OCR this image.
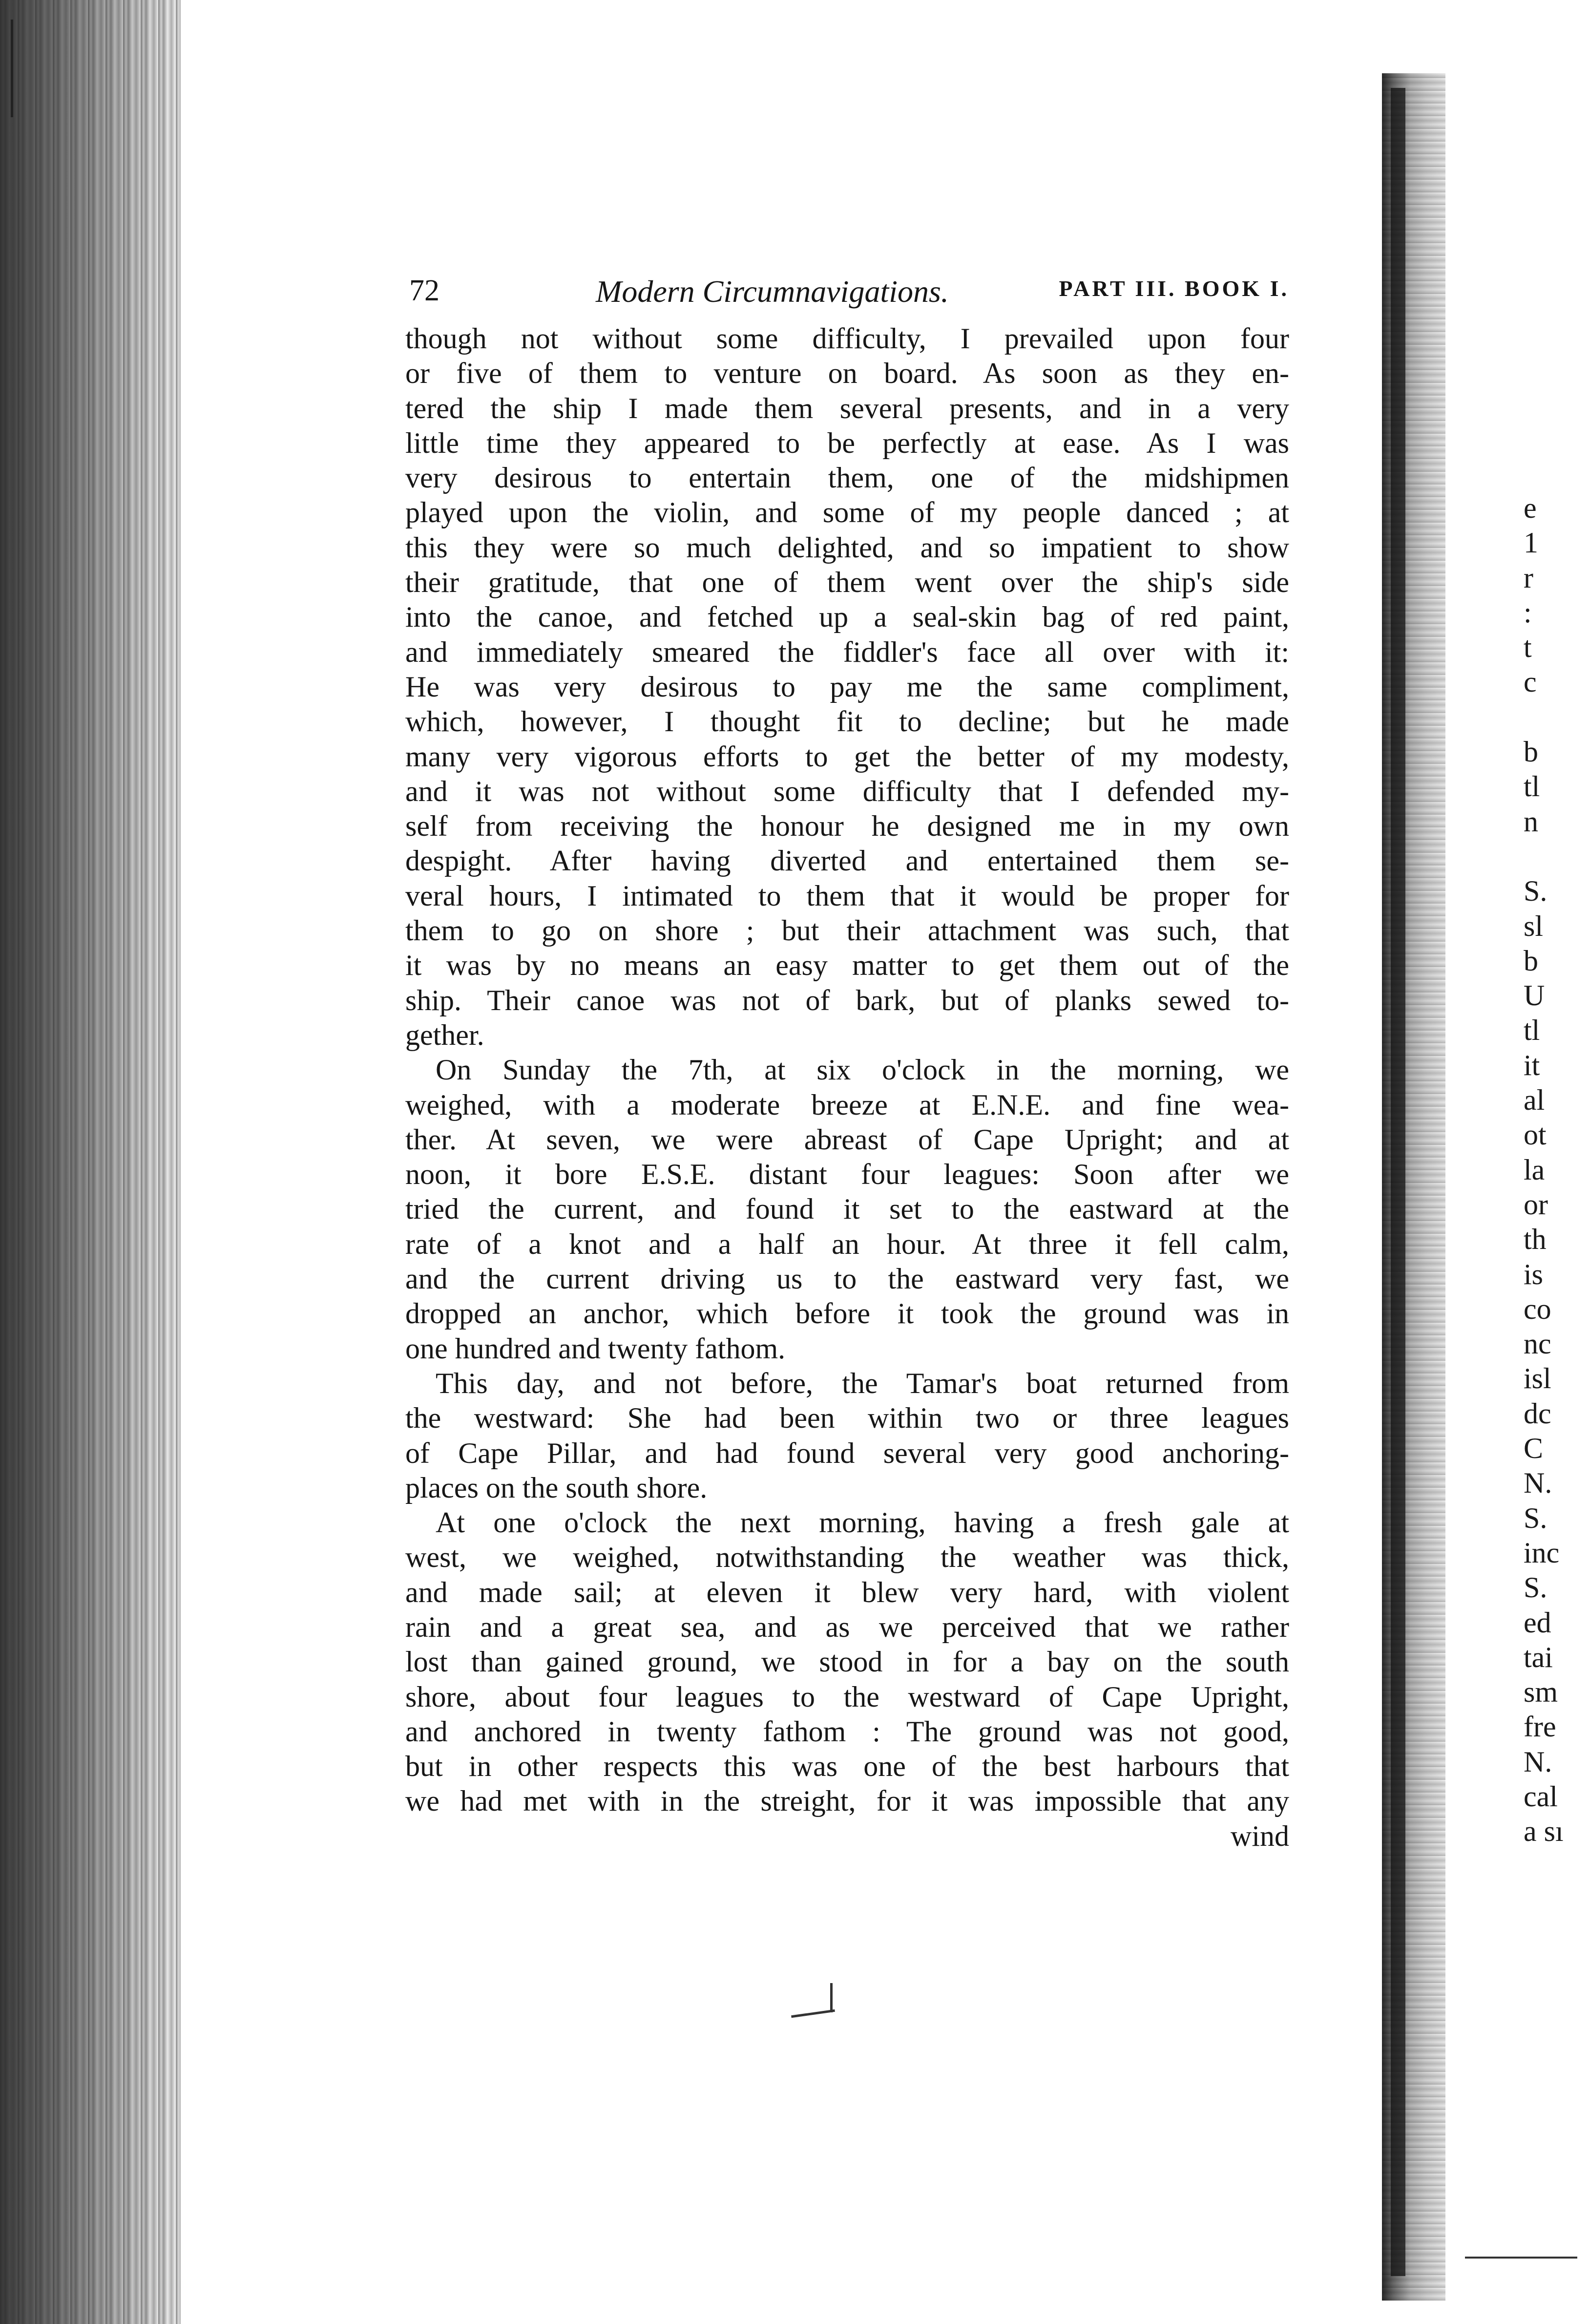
e
1
r
:
t
c
b
tl
n
S.
sl
b
U
tl
it
al
ot
la
or
th
is
co
nc
isl
dc
C
N.
S.
inc
S.
ed
tai
sm
fre
N.
cal
a sı
72	Modern Circumnavigations.	PART III. BOOK I.
though not without some difficulty, I prevailed upon four
or five of them to venture on board. As soon as they en-
tered the ship I made them several presents, and in a very
little time they appeared to be perfectly at ease. As I was
very desirous to entertain them, one of the midshipmen
played upon the violin, and some of my people danced ; at
this they were so much delighted, and so impatient to show
their gratitude, that one of them went over the ship's side
into the canoe, and fetched up a seal-skin bag of red paint,
and immediately smeared the fiddler's face all over with it:
He was very desirous to pay me the same compliment,
which, however, I thought fit to decline; but he made
many very vigorous efforts to get the better of my modesty,
and it was not without some difficulty that I defended my-
self from receiving the honour he designed me in my own
despight. After having diverted and entertained them se-
veral hours, I intimated to them that it would be proper for
them to go on shore ; but their attachment was such, that
it was by no means an easy matter to get them out of the
ship. Their canoe was not of bark, but of planks sewed to-
gether.
On Sunday the 7th, at six o'clock in the morning, we
weighed, with a moderate breeze at E.N.E. and fine wea-
ther. At seven, we were abreast of Cape Upright; and at
noon, it bore E.S.E. distant four leagues: Soon after we
tried the current, and found it set to the eastward at the
rate of a knot and a half an hour. At three it fell calm,
and the current driving us to the eastward very fast, we
dropped an anchor, which before it took the ground was in
one hundred and twenty fathom.
This day, and not before, the Tamar's boat returned from
the westward: She had been within two or three leagues
of Cape Pillar, and had found several very good anchoring-
places on the south shore.
At one o'clock the next morning, having a fresh gale at
west, we weighed, notwithstanding the weather was thick,
and made sail; at eleven it blew very hard, with violent
rain and a great sea, and as we perceived that we rather
lost than gained ground, we stood in for a bay on the south
shore, about four leagues to the westward of Cape Upright,
and anchored in twenty fathom : The ground was not good,
but in other respects this was one of the best harbours that
we had met with in the streight, for it was impossible that any
wind
